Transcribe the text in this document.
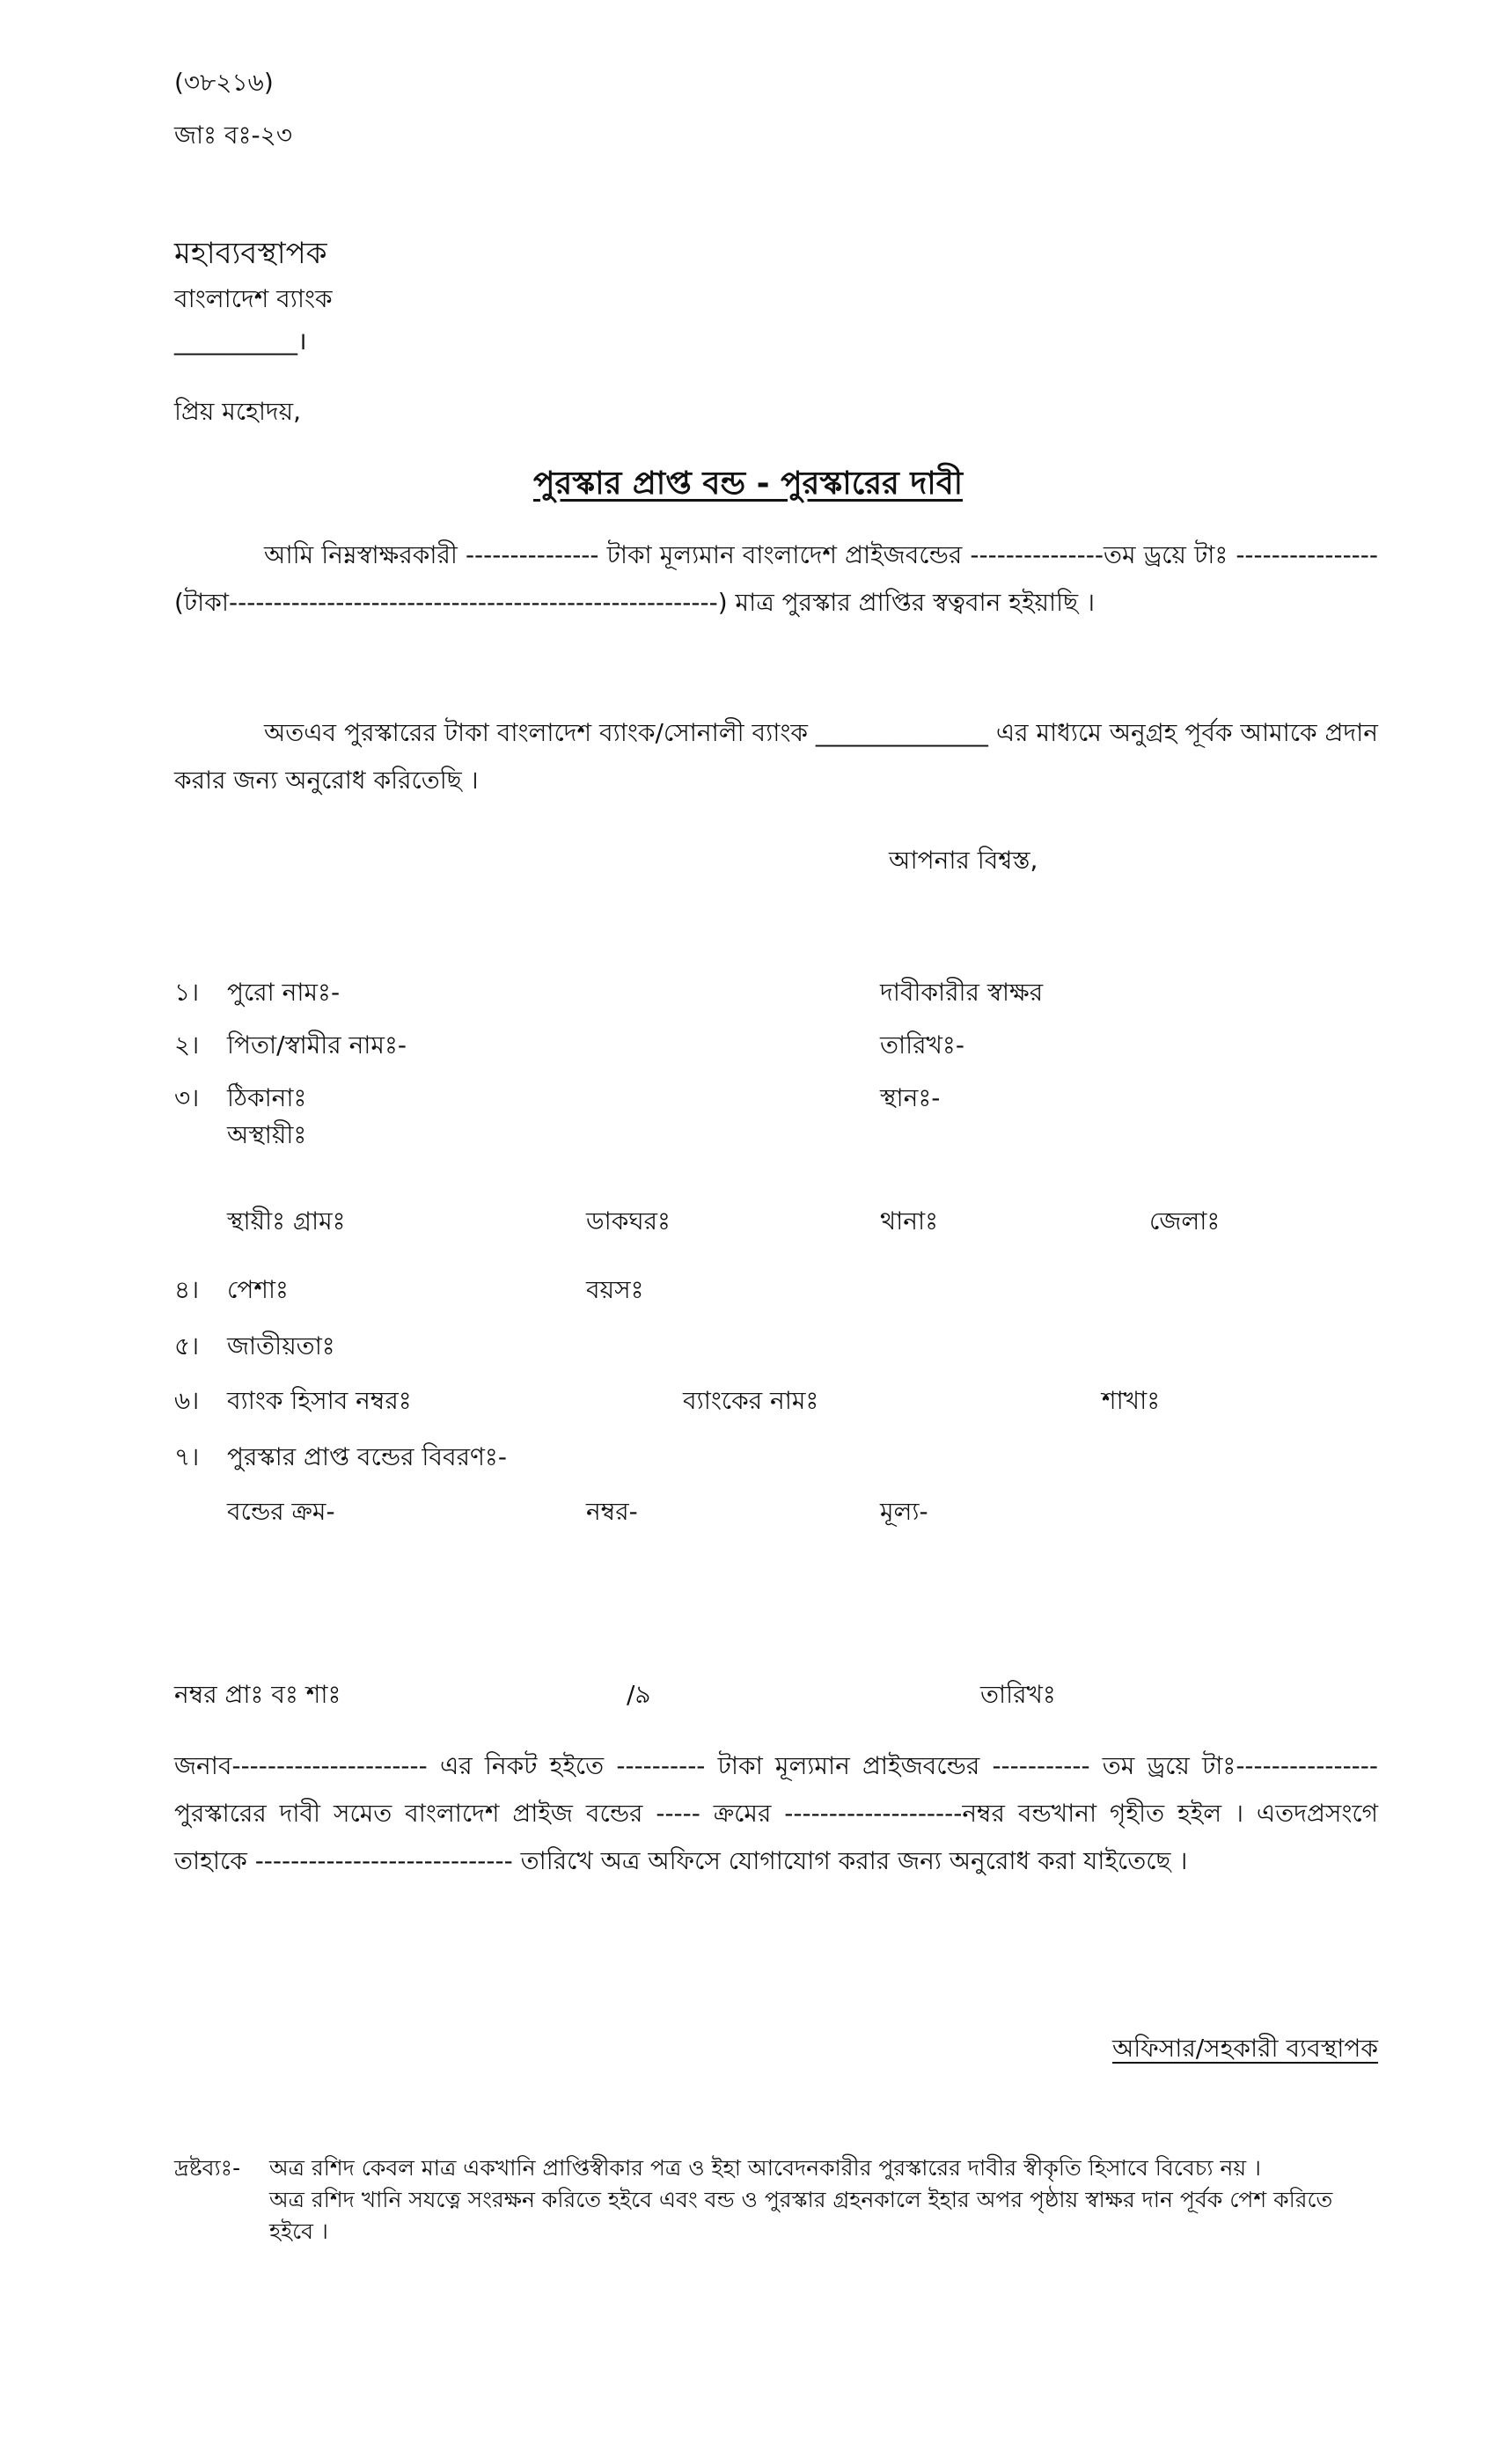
(৩৮২১৬)
জাঃ বঃ-২৩
মহাব্যবস্থাপক
বাংলাদেশ ব্যাংক
__________।
প্রিয় মহোদয়,
পুরস্কার প্রাপ্ত বন্ড - পুরস্কারের দাবী
আমি নিম্নস্বাক্ষরকারী --------------- টাকা মূল্যমান বাংলাদেশ প্রাইজবন্ডের ---------------তম ড্রয়ে টাঃ ---------------- (টাকা-------------------------------------------------------) মাত্র পুরস্কার প্রাপ্তির স্বত্ববান হইয়াছি ।
অতএব পুরস্কারের টাকা বাংলাদেশ ব্যাংক/সোনালী ব্যাংক ______________ এর মাধ্যমে অনুগ্রহ পূর্বক আমাকে প্রদান করার জন্য অনুরোধ করিতেছি ।
আপনার বিশ্বস্ত,
১। পুরো নামঃ-	দাবীকারীর স্বাক্ষর
২। পিতা/স্বামীর নামঃ-	তারিখঃ-
৩। ঠিকানাঃ	স্থানঃ-
অস্থায়ীঃ
স্থায়ীঃ গ্রামঃ	ডাকঘরঃ	থানাঃ	জেলাঃ
৪। পেশাঃ	বয়সঃ
৫। জাতীয়তাঃ
৬। ব্যাংক হিসাব নম্বরঃ	ব্যাংকের নামঃ	শাখাঃ
৭। পুরস্কার প্রাপ্ত বন্ডের বিবরণঃ-
বন্ডের ক্রম-	নম্বর-	মূল্য-
নম্বর প্রাঃ বঃ শাঃ	/৯	তারিখঃ
জনাব---------------------- এর নিকট হইতে ---------- টাকা মূল্যমান প্রাইজবন্ডের ----------- তম ড্রয়ে টাঃ---------------- পুরস্কারের দাবী সমেত বাংলাদেশ প্রাইজ বন্ডের ----- ক্রমের --------------------নম্বর বন্ডখানা গৃহীত হইল । এতদপ্রসংগে তাহাকে ----------------------------- তারিখে অত্র অফিসে যোগাযোগ করার জন্য অনুরোধ করা যাইতেছে ।
অফিসার/সহকারী ব্যবস্থাপক
দ্রষ্টব্যঃ- অত্র রশিদ কেবল মাত্র একখানি প্রাপ্তিস্বীকার পত্র ও ইহা আবেদনকারীর পুরস্কারের দাবীর স্বীকৃতি হিসাবে বিবেচ্য নয় ।

অত্র রশিদ খানি সযত্নে সংরক্ষন করিতে হইবে এবং বন্ড ও পুরস্কার গ্রহনকালে ইহার অপর পৃষ্ঠায় স্বাক্ষর দান পূর্বক পেশ করিতে হইবে ।
